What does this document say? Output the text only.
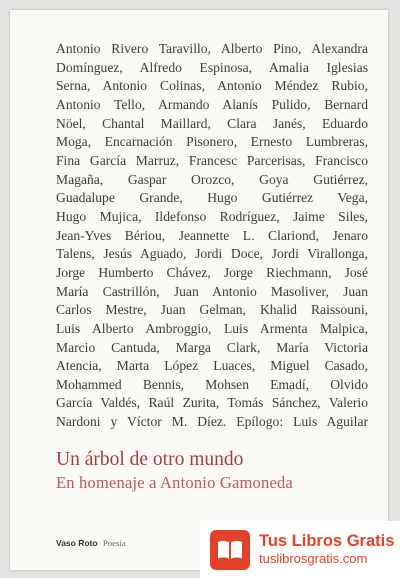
Antonio Rivero Taravillo, Alberto Pino, Alexandra
Domínguez, Alfredo Espinosa, Amalia Iglesias
Serna, Antonio Colinas, Antonio Méndez Rubio,
Antonio Tello, Armando Alanís Pulido, Bernard
Nöel, Chantal Maillard, Clara Janés, Eduardo
Moga, Encarnación Pisonero, Ernesto Lumbreras,
Fina García Marruz, Francesc Parcerisas, Francisco
Magaña, Gaspar Orozco, Goya Gutiérrez,
Guadalupe Grande, Hugo Gutiérrez Vega,
Hugo Mujica, Ildefonso Rodríguez, Jaime Siles,
Jean-Yves Bériou, Jeannette L. Clariond, Jenaro
Talens, Jesús Aguado, Jordi Doce, Jordi Virallonga,
Jorge Humberto Chávez, Jorge Riechmann, José
María Castrillón, Juan Antonio Masoliver, Juan
Carlos Mestre, Juan Gelman, Khalid Raissouni,
Luis Alberto Ambroggio, Luis Armenta Malpica,
Marcio Cantuda, Marga Clark, María Victoria
Atencia, Marta López Luaces, Miguel Casado,
Mohammed Bennis, Mohsen Emadí, Olvido
García Valdés, Raúl Zurita, Tomás Sánchez, Valerio
Nardoni y Víctor M. Díez. Epílogo: Luis Aguilar

Un árbol de otro mundo
En homenaje a Antonio Gamoneda
Vaso Roto Poesía	Tus Libros Gratis
tuslibrosgratis.com
